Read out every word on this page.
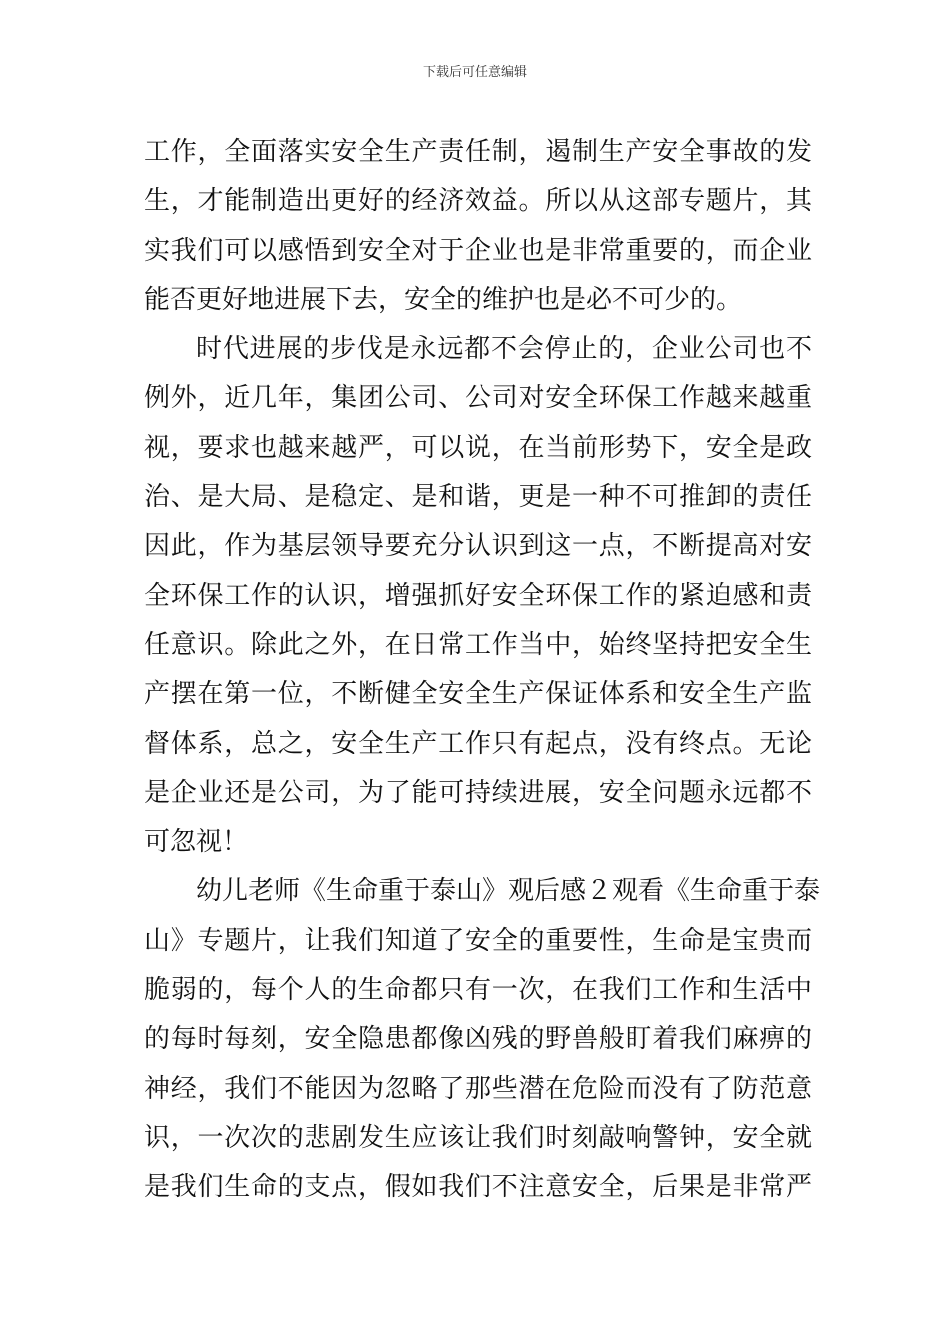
下载后可任意编辑
工作，全面落实安全生产责任制，遏制生产安全事故的发
生，才能制造出更好的经济效益。所以从这部专题片，其
实我们可以感悟到安全对于企业也是非常重要的，而企业
能否更好地进展下去，安全的维护也是必不可少的。
时代进展的步伐是永远都不会停止的，企业公司也不
例外，近几年，集团公司、公司对安全环保工作越来越重
视，要求也越来越严，可以说，在当前形势下，安全是政
治、是大局、是稳定、是和谐，更是一种不可推卸的责任
因此，作为基层领导要充分认识到这一点，不断提高对安
全环保工作的认识，增强抓好安全环保工作的紧迫感和责
任意识。除此之外，在日常工作当中，始终坚持把安全生
产摆在第一位，不断健全安全生产保证体系和安全生产监
督体系，总之，安全生产工作只有起点，没有终点。无论
是企业还是公司，为了能可持续进展，安全问题永远都不
可忽视！
幼儿老师《生命重于泰山》观后感２观看《生命重于泰
山》专题片，让我们知道了安全的重要性，生命是宝贵而
脆弱的，每个人的生命都只有一次，在我们工作和生活中
的每时每刻，安全隐患都像凶残的野兽般盯着我们麻痹的
神经，我们不能因为忽略了那些潜在危险而没有了防范意
识，一次次的悲剧发生应该让我们时刻敲响警钟，安全就
是我们生命的支点，假如我们不注意安全，后果是非常严
